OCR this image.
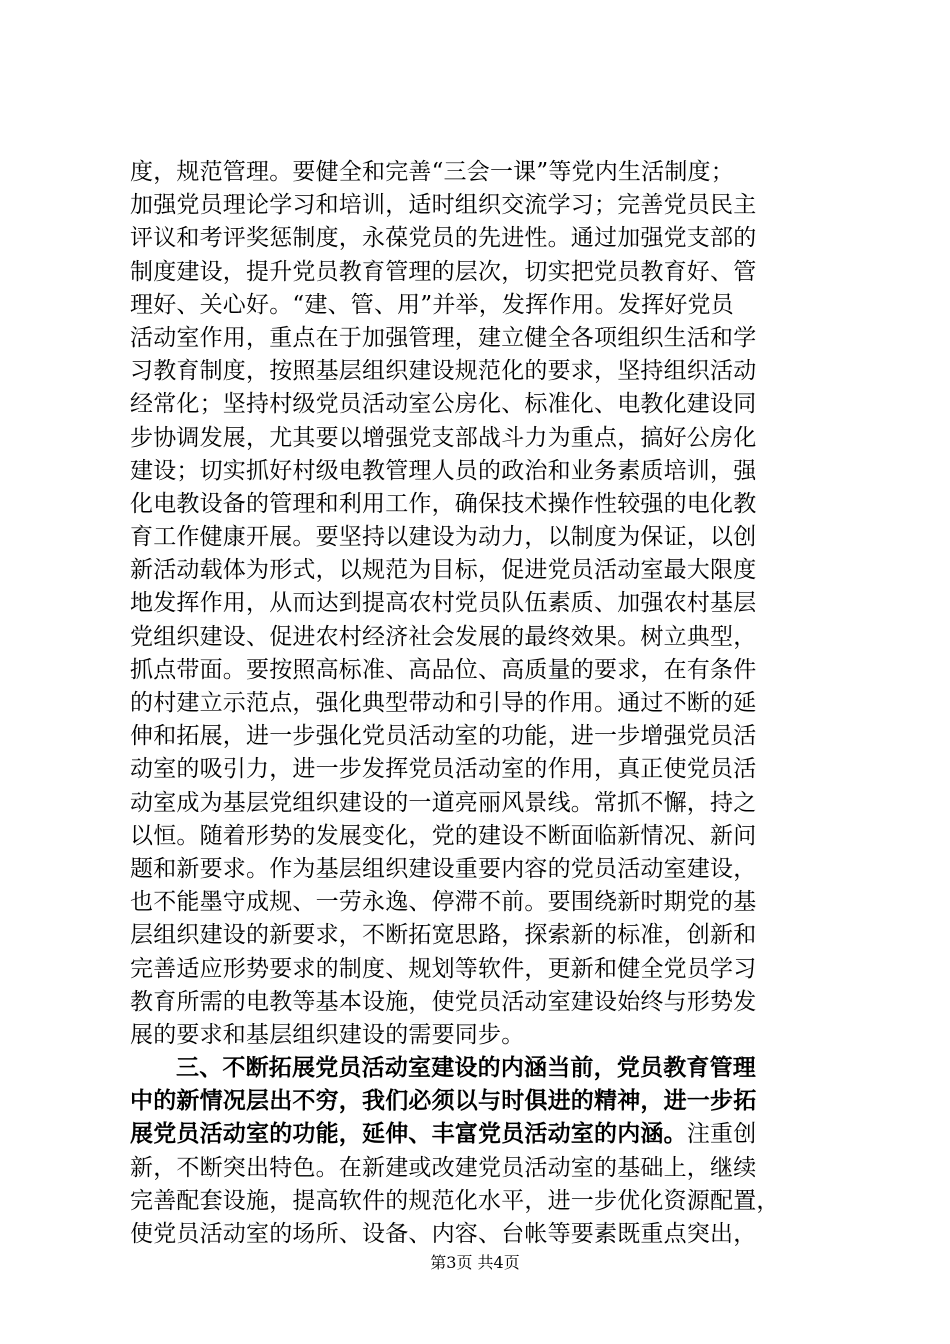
度，规范管理。要健全和完善“三会一课”等党内生活制度；
加强党员理论学习和培训，适时组织交流学习；完善党员民主
评议和考评奖惩制度，永葆党员的先进性。通过加强党支部的
制度建设，提升党员教育管理的层次，切实把党员教育好、管
理好、关心好。“建、管、用”并举，发挥作用。发挥好党员
活动室作用，重点在于加强管理，建立健全各项组织生活和学
习教育制度，按照基层组织建设规范化的要求，坚持组织活动
经常化；坚持村级党员活动室公房化、标准化、电教化建设同
步协调发展，尤其要以增强党支部战斗力为重点，搞好公房化
建设；切实抓好村级电教管理人员的政治和业务素质培训，强
化电教设备的管理和利用工作，确保技术操作性较强的电化教
育工作健康开展。要坚持以建设为动力，以制度为保证，以创
新活动载体为形式，以规范为目标，促进党员活动室最大限度
地发挥作用，从而达到提高农村党员队伍素质、加强农村基层
党组织建设、促进农村经济社会发展的最终效果。树立典型，
抓点带面。要按照高标准、高品位、高质量的要求，在有条件
的村建立示范点，强化典型带动和引导的作用。通过不断的延
伸和拓展，进一步强化党员活动室的功能，进一步增强党员活
动室的吸引力，进一步发挥党员活动室的作用，真正使党员活
动室成为基层党组织建设的一道亮丽风景线。常抓不懈，持之
以恒。随着形势的发展变化，党的建设不断面临新情况、新问
题和新要求。作为基层组织建设重要内容的党员活动室建设，
也不能墨守成规、一劳永逸、停滞不前。要围绕新时期党的基
层组织建设的新要求，不断拓宽思路，探索新的标准，创新和
完善适应形势要求的制度、规划等软件，更新和健全党员学习
教育所需的电教等基本设施，使党员活动室建设始终与形势发
展的要求和基层组织建设的需要同步。
三、不断拓展党员活动室建设的内涵当前，党员教育管理
中的新情况层出不穷，我们必须以与时俱进的精神，进一步拓
展党员活动室的功能，延伸、丰富党员活动室的内涵。注重创
新，不断突出特色。在新建或改建党员活动室的基础上，继续
完善配套设施，提高软件的规范化水平，进一步优化资源配置，
使党员活动室的场所、设备、内容、台帐等要素既重点突出，
第3页 共4页
